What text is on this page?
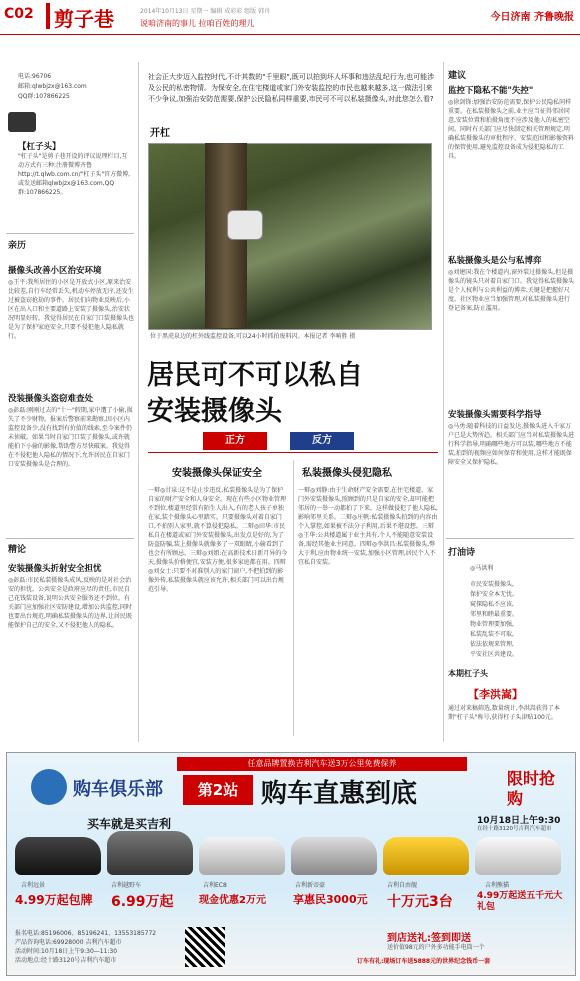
C02 剪子巷	2014年10月13日 星期一 编辑 成彩彩 组版 韩舟
说咱济南的事儿 拉咱百姓的理儿
今日济南 齐鲁晚报
电话:96706
邮箱:qlwbjzx@163.com
QQ群:107866225
【杠子头】
"杠子头"是剪子巷开设的评议说理栏目,互动方式有三种:注册微博齐鲁http://t.qlwb.com.cn/"杠子头"官方微博,或发送邮箱qlwbjzx@163.com,QQ群:107866225。
亲历
摄像头改善小区治安环境
◎王平:我所居住的小区是开放式小区,原来治安比较差,自行车经常丢失,机动车停放无序,还发生过被盗窃抢劫的事件。居民们向物业反映后,小区在出入口和主要道路上安装了摄像头,治安状况明显好转。我觉得居民在自家门口装摄像头也是为了保护家庭安全,只要不侵犯他人隐私就行。
没装摄像头盗窃难查处
◎彭磊:刚刚过去的"十一"假期,家中遭了小偷,损失了不少财物。报案后警察前来勘察,因小区内监控设备少,没有找到有价值的线索,至今案件仍未侦破。如果当时自家门口装了摄像头,或许就能拍下小偷的影像,帮助警方尽快破案。我觉得在不侵犯他人隐私的情况下,允许居民在自家门口安装摄像头是合理的。
精论
安装摄像头折射安全担忧
◎彭磊:市民私装摄像头成风,反映的是对社会治安的担忧。公共安全是政府应尽的责任,市民自己花钱装设备,说明公共安全服务还不到位。有关部门应加强社区安防建设,增加公共监控,同时也要出台规范,明确私装摄像头的边界,让居民既能保护自己的安全,又不侵犯他人的隐私。
社会正大步迈入监控时代,不计其数的"千里眼",既可以拍到坏人坏事和违法乱纪行为,也可能涉及公民的私密物情。为保安全,在住宅楼道或家门外安装监控的市民也越来越多,这一做法引来不少争议,加强治安防范需要,保护公民隐私同样重要,市民可不可以私装摄像头,对此您怎么看?
开杠
位于黑虎泉边的杠外线监控设备,可以24小时抓拍废料闪。本报记者 李响胜 摄
居民可不可以私自安装摄像头
正方	反方
安装摄像头保证安全
一辩◎甘泉:这不是止步违反,私装摄像头是为了保护自家的财产安全和人身安全。现在有些小区物业管理不到位,楼道里经常有陌生人出入,有的老人孩子单独在家,装个摄像头心里踏实。只要摄像头对着自家门口,不拍别人家里,就不算侵犯隐私。二辩◎田华:市民私自在楼道或家门外安装摄像头,出发点是好的,为了防盗防骗,装上摄像头就像多了一双眼睛,小偷看到了也会有所顾忌。三辩◎刘姐:在高新技术日新月异的今天,摄像头价格便宜,安装方便,很多家庭都在用。四辩◎刘女士:只要不对准别人的家门窗户,不把拍到的影像外传,私装摄像头就应该允许,相关部门可以出台规范引导。
私装摄像头侵犯隐私
一辩◎刘静:由于生命财产安全需要,在住宅楼道、家门外安装摄像头,照顾到的只是自家的安全,却可能把邻居的一举一动都拍了下来。这样做侵犯了他人隐私,影响邻里关系。二辩◎庄帆:私装摄像头拍到的内容由个人掌控,如果被不法分子利用,后果不堪设想。三辩◎王华:公共楼道属于业主共有,个人不能随意安装设备,需经其他业主同意。四辩◎李洪昌:私装摄像头,弊大于利,应由物业统一安装,加强小区管理,居民个人不宜私自安装。
建议
监控下隐私不能"失控"
◎徐剑锋:加强治安防范需要,保护公民隐私同样重要。在私装摄像头之前,业主应当征得邻居同意,安装位置和拍摄角度不应涉及他人的私密空间。同时有关部门应尽快制定相关管理规定,明确私装摄像头的审批程序、安装范围和影像资料的保管使用,避免监控设备成为侵犯隐私的工具。
私装摄像头是公与私博弈
◎刘建国:我在个楼道内,窗外装过摄像头,但是摄像头的镜头只对着自家门口。我觉得私装摄像头是个人权利与公共利益的博弈,关键是把握好尺度。社区物业应当加强管理,对私装摄像头进行登记备案,防止滥用。
安装摄像头需要科学指导
◎马勇:随着科技的日益发达,摄像头进入千家万户已是大势所趋。相关部门应当对私装摄像头进行科学指导,明确哪些地方可以装,哪些地方不能装,拍到的视频应如何保存和使用,这样才能既保障安全又保护隐私。
打油诗
◎马洪利
市民安装摄像头,
保护安全本无忧。
窥探隐私不应该,
邻里和睦最重要。
物业管理要加强,
私装乱装不可取,
依法依规来管理,
平安社区共建设。
本期杠子头
【李洪嵩】
通过对来稿筛选,数量统计,李洪嵩获得了本期"杠子头"称号,获得杠子头津贴100元。
任意品牌置换吉利汽车送3万公里免费保养
购车俱乐部	第2站 购车直惠到底
限时抢购
10月18日上午9:30
在经十路3120号吉利汽车超市
买车就是买吉利
吉利远景
4.99万起包牌
吉利越野车
6.99万起
吉利EC8
现金优惠2万元
吉利新帝豪
享惠民3000元
吉利自由舰
十万元3台
吉利熊猫
4.99万起送五千元大礼包
报名电话:85196006、85196241、13553185772
产品咨询电话:69928000 吉利汽车超市
活动时间:10月18日上午9:30—11:30
活动地点:经十路3120号吉利汽车超市
到店送礼:签到即送
送价值98元的户外多功能手电筒一个
订车有礼:现场订车送5888元的世界纪念钱币一套
